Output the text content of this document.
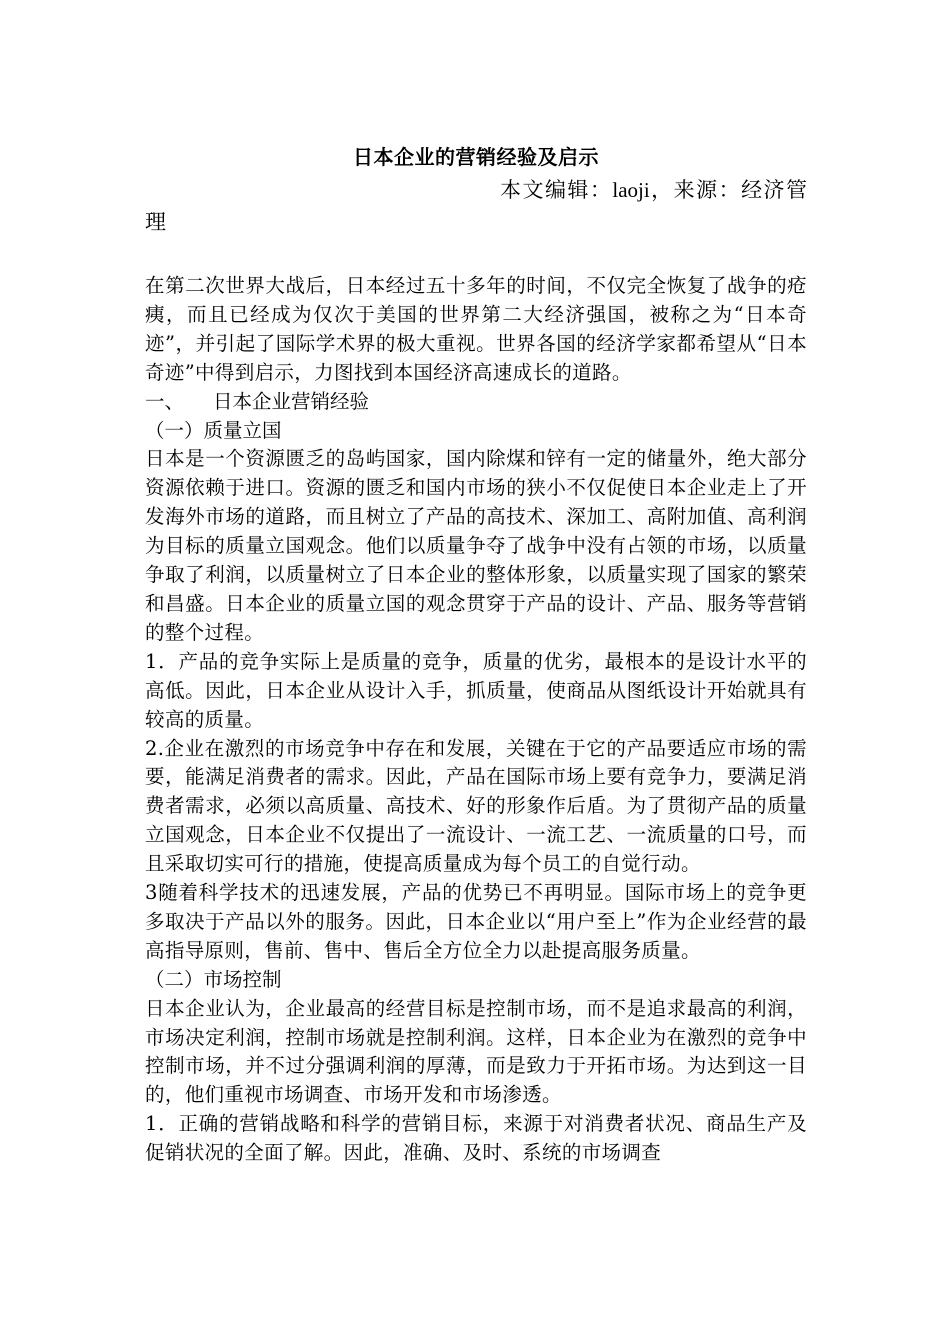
日本企业的营销经验及启示

本文编辑：laoji，来源：经济管理

在第二次世界大战后，日本经过五十多年的时间，不仅完全恢复了战争的疮痍，而且已经成为仅次于美国的世界第二大经济强国，被称之为“日本奇迹”，并引起了国际学术界的极大重视。世界各国的经济学家都希望从“日本奇迹”中得到启示，力图找到本国经济高速成长的道路。

一、 日本企业营销经验

（一）质量立国

日本是一个资源匮乏的岛屿国家，国内除煤和锌有一定的储量外，绝大部分资源依赖于进口。资源的匮乏和国内市场的狭小不仅促使日本企业走上了开发海外市场的道路，而且树立了产品的高技术、深加工、高附加值、高利润为目标的质量立国观念。他们以质量争夺了战争中没有占领的市场，以质量争取了利润，以质量树立了日本企业的整体形象，以质量实现了国家的繁荣和昌盛。日本企业的质量立国的观念贯穿于产品的设计、产品、服务等营销的整个过程。

1．产品的竞争实际上是质量的竞争，质量的优劣，最根本的是设计水平的高低。因此，日本企业从设计入手，抓质量，使商品从图纸设计开始就具有较高的质量。

2.企业在激烈的市场竞争中存在和发展，关键在于它的产品要适应市场的需要，能满足消费者的需求。因此，产品在国际市场上要有竞争力，要满足消费者需求，必须以高质量、高技术、好的形象作后盾。为了贯彻产品的质量立国观念，日本企业不仅提出了一流设计、一流工艺、一流质量的口号，而且采取切实可行的措施，使提高质量成为每个员工的自觉行动。

3随着科学技术的迅速发展，产品的优势已不再明显。国际市场上的竞争更多取决于产品以外的服务。因此，日本企业以“用户至上”作为企业经营的最高指导原则，售前、售中、售后全方位全力以赴提高服务质量。

（二）市场控制

日本企业认为，企业最高的经营目标是控制市场，而不是追求最高的利润，市场决定利润，控制市场就是控制利润。这样，日本企业为在激烈的竞争中控制市场，并不过分强调利润的厚薄，而是致力于开拓市场。为达到这一目的，他们重视市场调查、市场开发和市场渗透。

1．正确的营销战略和科学的营销目标，来源于对消费者状况、商品生产及促销状况的全面了解。因此，准确、及时、系统的市场调查
